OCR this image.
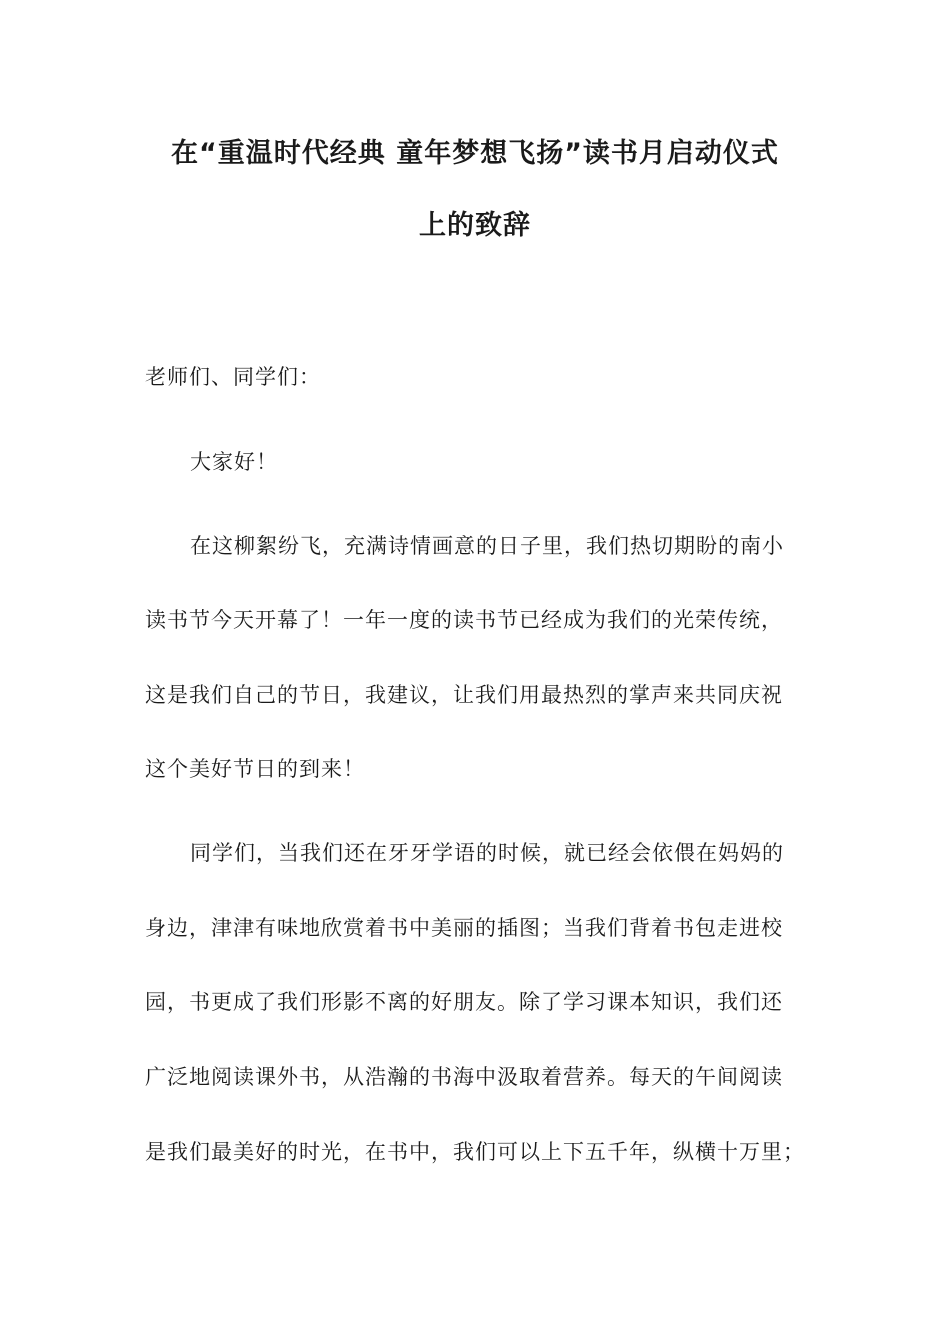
在“重温时代经典 童年梦想飞扬”读书月启动仪式
上的致辞
老师们、同学们：
大家好！
在这柳絮纷飞，充满诗情画意的日子里，我们热切期盼的南小
读书节今天开幕了！一年一度的读书节已经成为我们的光荣传统，
这是我们自己的节日，我建议，让我们用最热烈的掌声来共同庆祝
这个美好节日的到来！
同学们，当我们还在牙牙学语的时候，就已经会依偎在妈妈的
身边，津津有味地欣赏着书中美丽的插图；当我们背着书包走进校
园，书更成了我们形影不离的好朋友。除了学习课本知识，我们还
广泛地阅读课外书，从浩瀚的书海中汲取着营养。每天的午间阅读
是我们最美好的时光，在书中，我们可以上下五千年，纵横十万里；
